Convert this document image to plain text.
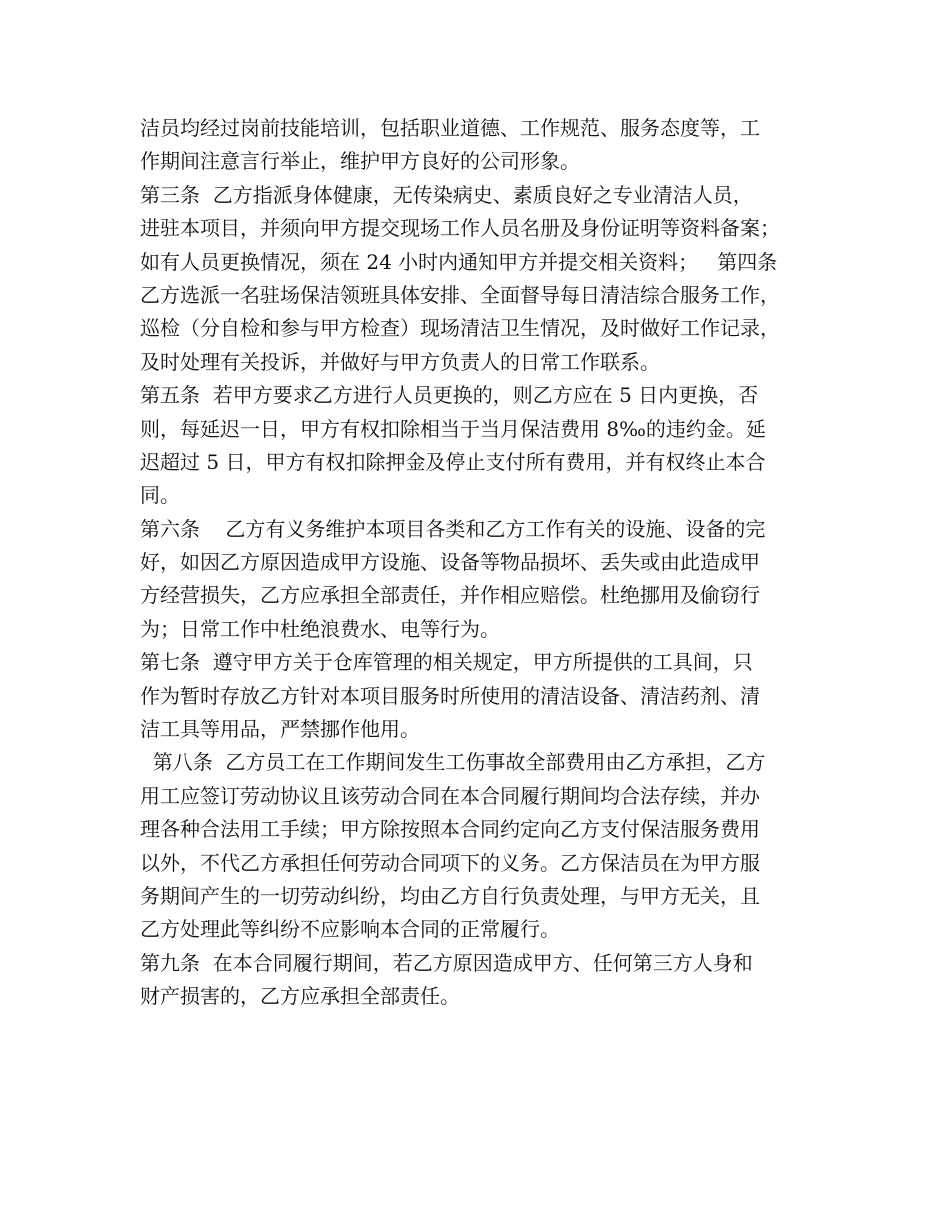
洁员均经过岗前技能培训，包括职业道德、工作规范、服务态度等，工
作期间注意言行举止，维护甲方良好的公司形象。
第三条  乙方指派身体健康，无传染病史、素质良好之专业清洁人员，
进驻本项目，并须向甲方提交现场工作人员名册及身份证明等资料备案；
如有人员更换情况，须在 24 小时内通知甲方并提交相关资料；   第四条
乙方选派一名驻场保洁领班具体安排、全面督导每日清洁综合服务工作，
巡检（分自检和参与甲方检查）现场清洁卫生情况，及时做好工作记录，
及时处理有关投诉，并做好与甲方负责人的日常工作联系。
第五条  若甲方要求乙方进行人员更换的，则乙方应在 5 日内更换，否
则，每延迟一日，甲方有权扣除相当于当月保洁费用 8‰的违约金。延
迟超过 5 日，甲方有权扣除押金及停止支付所有费用，并有权终止本合
同。
第六条    乙方有义务维护本项目各类和乙方工作有关的设施、设备的完
好，如因乙方原因造成甲方设施、设备等物品损坏、丢失或由此造成甲
方经营损失，乙方应承担全部责任，并作相应赔偿。杜绝挪用及偷窃行
为；日常工作中杜绝浪费水、电等行为。
第七条  遵守甲方关于仓库管理的相关规定，甲方所提供的工具间，只
作为暂时存放乙方针对本项目服务时所使用的清洁设备、清洁药剂、清
洁工具等用品，严禁挪作他用。
第八条  乙方员工在工作期间发生工伤事故全部费用由乙方承担，乙方
用工应签订劳动协议且该劳动合同在本合同履行期间均合法存续，并办
理各种合法用工手续；甲方除按照本合同约定向乙方支付保洁服务费用
以外，不代乙方承担任何劳动合同项下的义务。乙方保洁员在为甲方服
务期间产生的一切劳动纠纷，均由乙方自行负责处理，与甲方无关，且
乙方处理此等纠纷不应影响本合同的正常履行。
第九条  在本合同履行期间，若乙方原因造成甲方、任何第三方人身和
财产损害的，乙方应承担全部责任。
